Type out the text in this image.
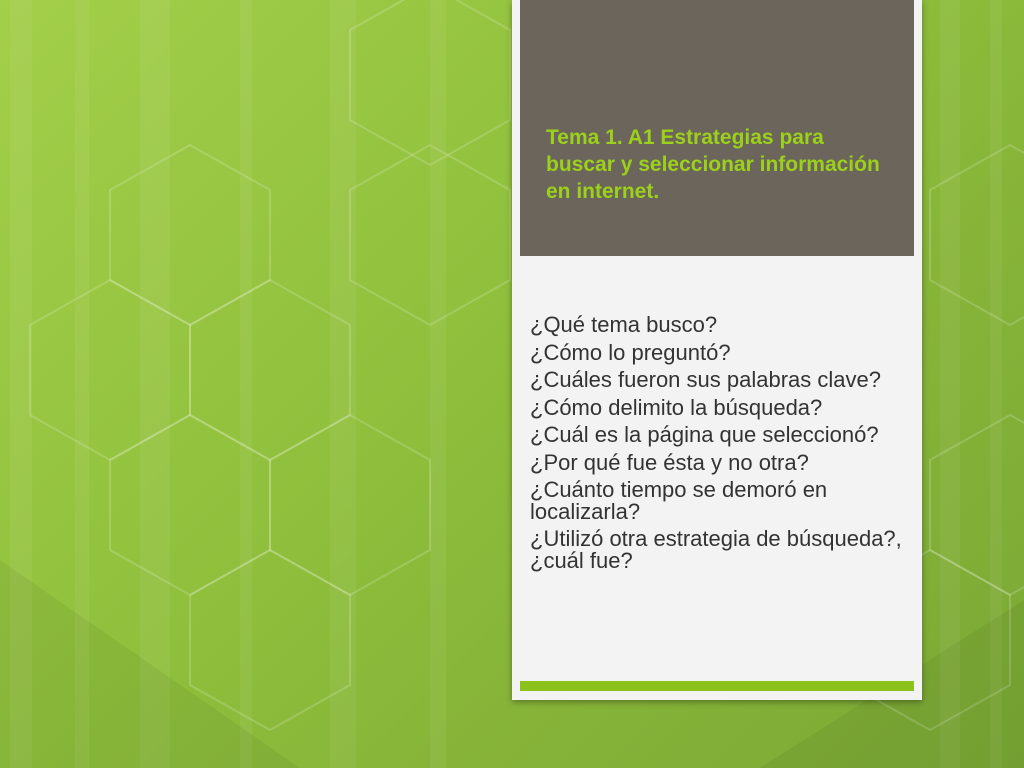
Tema 1. A1 Estrategias para buscar y seleccionar información en internet.
¿Qué tema busco?
¿Cómo lo preguntó?
¿Cuáles fueron sus palabras clave?
¿Cómo delimito la búsqueda?
¿Cuál es la página que seleccionó?
¿Por qué fue ésta y no otra?
¿Cuánto tiempo se demoró en localizarla?
¿Utilizó otra estrategia de búsqueda?, ¿cuál fue?
